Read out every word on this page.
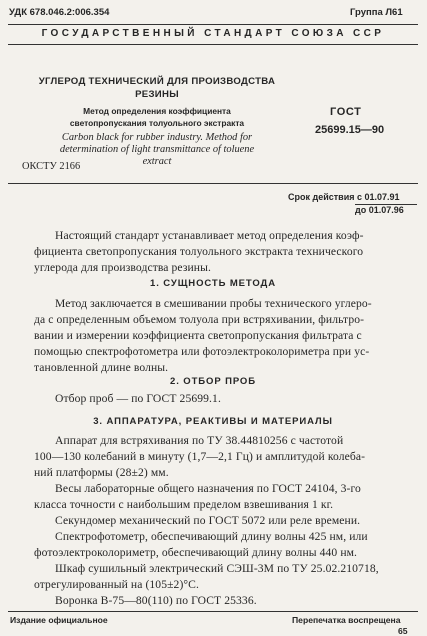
УДК 678.046.2:006.354	Группа Л61
ГОСУДАРСТВЕННЫЙ СТАНДАРТ СОЮЗА ССР
УГЛЕРОД ТЕХНИЧЕСКИЙ ДЛЯ ПРОИЗВОДСТВА
РЕЗИНЫ
Метод определения коэффициента
светопропускания толуольного экстракта
Carbon black for rubber industry. Method for
determination of light transmittance of toluene
extract
ОКСТУ 2166
ГОСТ
25699.15—90
Срок действия с 01.07.91
до 01.07.96
Настоящий стандарт устанавливает метод определения коэф-
фициента светопропускания толуольного экстракта технического
углерода для производства резины.
1. СУЩНОСТЬ МЕТОДА
Метод заключается в смешивании пробы технического углеро-
да с определенным объемом толуола при встряхивании, фильтро-
вании и измерении коэффициента светопропускания фильтрата с
помощью спектрофотометра или фотоэлектроколориметра при ус-
тановленной длине волны.
2. ОТБОР ПРОБ
Отбор проб — по ГОСТ 25699.1.
3. АППАРАТУРА, РЕАКТИВЫ И МАТЕРИАЛЫ
Аппарат для встряхивания по ТУ 38.44810256 с частотой
100—130 колебаний в минуту (1,7—2,1 Гц) и амплитудой колеба-
ний платформы (28±2) мм.
Весы лабораторные общего назначения по ГОСТ 24104, 3-го
класса точности с наибольшим пределом взвешивания 1 кг.
Секундомер механический по ГОСТ 5072 или реле времени.
Спектрофотометр, обеспечивающий длину волны 425 нм, или
фотоэлектроколориметр, обеспечивающий длину волны 440 нм.
Шкаф сушильный электрический СЭШ-3М по ТУ 25.02.210718,
отрегулированный на (105±2)°С.
Воронка В-75—80(110) по ГОСТ 25336.
Издание официальное	Перепечатка воспрещена
65
